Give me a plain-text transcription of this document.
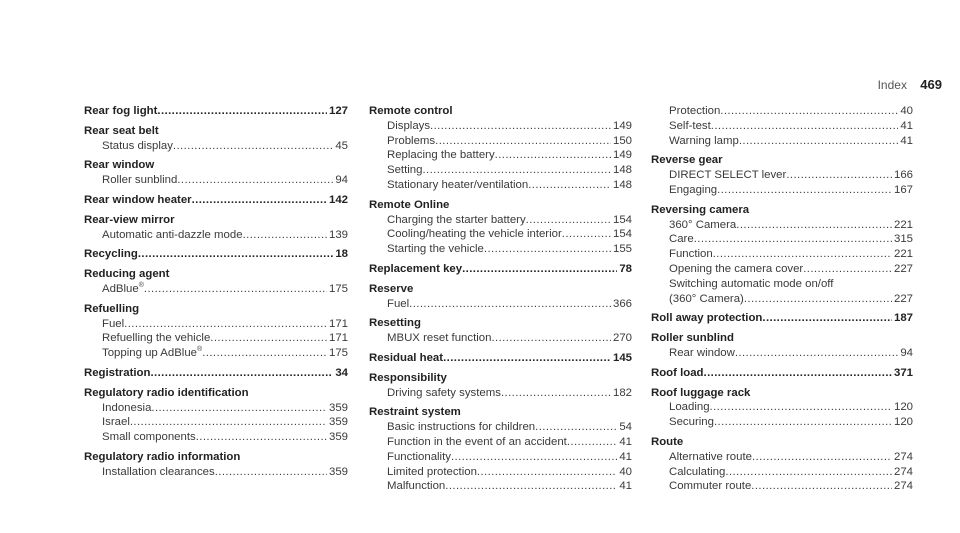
Index 469
Rear fog light .....	127
Rear seat belt
Status display .....	45
Rear window
Roller sunblind .....	94
Rear window heater .....	142
Rear-view mirror
Automatic anti-dazzle mode .....	139
Recycling .....	18
Reducing agent
AdBlue® .....	175
Refuelling
Fuel .....	171
Refuelling the vehicle .....	171
Topping up AdBlue® .....	175
Registration .....	34
Regulatory radio identification
Indonesia .....	359
Israel .....	359
Small components .....	359
Regulatory radio information
Installation clearances .....	359
Remote control
Displays .....	149
Problems .....	150
Replacing the battery .....	149
Setting .....	148
Stationary heater/ventilation .....	148
Remote Online
Charging the starter battery .....	154
Cooling/heating the vehicle interior .....	154
Starting the vehicle .....	155
Replacement key .....	78
Reserve
Fuel .....	366
Resetting
MBUX reset function .....	270
Residual heat .....	145
Responsibility
Driving safety systems .....	182
Restraint system
Basic instructions for children .....	54
Function in the event of an accident .....	41
Functionality .....	41
Limited protection .....	40
Malfunction .....	41
Protection .....	40
Self-test .....	41
Warning lamp .....	41
Reverse gear
DIRECT SELECT lever .....	166
Engaging .....	167
Reversing camera
360° Camera .....	221
Care .....	315
Function .....	221
Opening the camera cover .....	227
Switching automatic mode on/off
(360° Camera) .....	227
Roll away protection .....	187
Roller sunblind
Rear window .....	94
Roof load .....	371
Roof luggage rack
Loading .....	120
Securing .....	120
Route
Alternative route .....	274
Calculating .....	274
Commuter route .....	274
